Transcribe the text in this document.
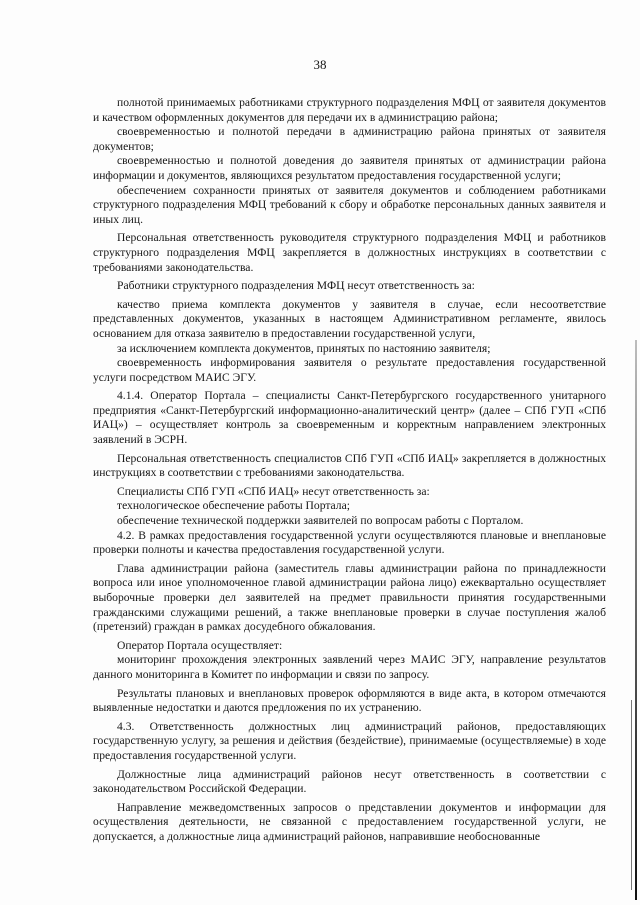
38

полнотой принимаемых работниками структурного подразделения МФЦ от заявителя документов и качеством оформленных документов для передачи их в администрацию района;

своевременностью и полнотой передачи в администрацию района принятых от заявителя документов;

своевременностью и полнотой доведения до заявителя принятых от администрации района информации и документов, являющихся результатом предоставления государственной услуги;

обеспечением сохранности принятых от заявителя документов и соблюдением работниками структурного подразделения МФЦ требований к сбору и обработке персональных данных заявителя и иных лиц.

Персональная ответственность руководителя структурного подразделения МФЦ и работников структурного подразделения МФЦ закрепляется в должностных инструкциях в соответствии с требованиями законодательства.

Работники структурного подразделения МФЦ несут ответственность за:

качество приема комплекта документов у заявителя в случае, если несоответствие представленных документов, указанных в настоящем Административном регламенте, явилось основанием для отказа заявителю в предоставлении государственной услуги,

за исключением комплекта документов, принятых по настоянию заявителя;

своевременность информирования заявителя о результате предоставления государственной услуги посредством МАИС ЭГУ.

4.1.4. Оператор Портала – специалисты Санкт-Петербургского государственного унитарного предприятия «Санкт-Петербургский информационно-аналитический центр» (далее – СПб ГУП «СПб ИАЦ») – осуществляет контроль за своевременным и корректным направлением электронных заявлений в ЭСРН.

Персональная ответственность специалистов СПб ГУП «СПб ИАЦ» закрепляется в должностных инструкциях в соответствии с требованиями законодательства.

Специалисты СПб ГУП «СПб ИАЦ» несут ответственность за:

технологическое обеспечение работы Портала;

обеспечение технической поддержки заявителей по вопросам работы с Порталом.

4.2. В рамках предоставления государственной услуги осуществляются плановые и внеплановые проверки полноты и качества предоставления государственной услуги.

Глава администрации района (заместитель главы администрации района по принадлежности вопроса или иное уполномоченное главой администрации района лицо) ежеквартально осуществляет выборочные проверки дел заявителей на предмет правильности принятия государственными гражданскими служащими решений, а также внеплановые проверки в случае поступления жалоб (претензий) граждан в рамках досудебного обжалования.

Оператор Портала осуществляет:

мониторинг прохождения электронных заявлений через МАИС ЭГУ, направление результатов данного мониторинга в Комитет по информации и связи по запросу.

Результаты плановых и внеплановых проверок оформляются в виде акта, в котором отмечаются выявленные недостатки и даются предложения по их устранению.

4.3. Ответственность должностных лиц администраций районов, предоставляющих государственную услугу, за решения и действия (бездействие), принимаемые (осуществляемые) в ходе предоставления государственной услуги.

Должностные лица администраций районов несут ответственность в соответствии с законодательством Российской Федерации.

Направление межведомственных запросов о представлении документов и информации для осуществления деятельности, не связанной с предоставлением государственной услуги, не допускается, а должностные лица администраций районов, направившие необоснованные
